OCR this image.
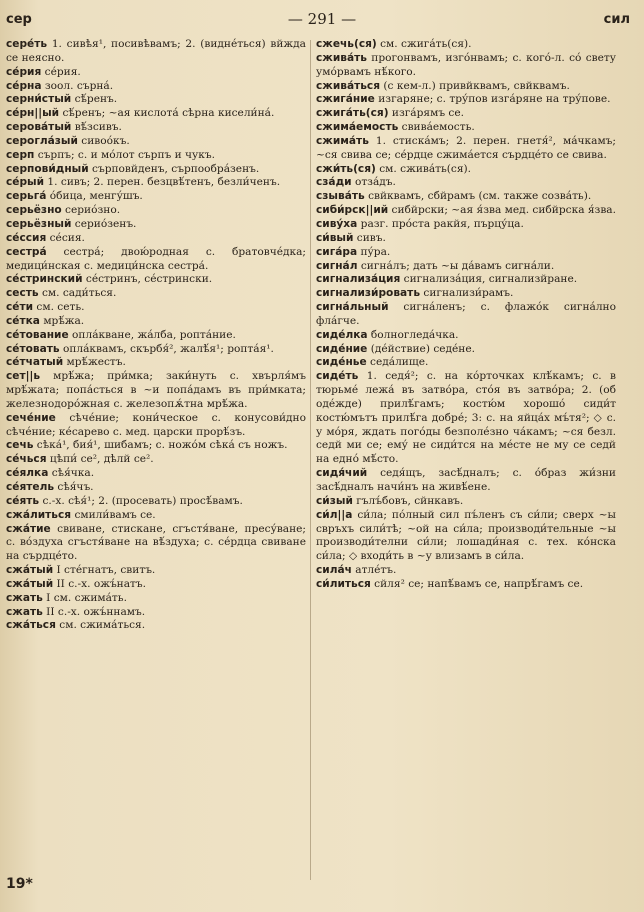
сер	— 291 —	сил

сере́ть 1. сивѣя¹, посивѣвамъ; 2. (видне́ться) вйжда се неясно.

се́рия се́рия.

се́рна зоол. сърна́.

серни́стый сѣ́ренъ.

се́рн||ый сѣ́ренъ; ~ая кислота́ сѣрна кисели́на́.

серова́тый вѣ́зсивъ.

серогла́зый сивоо́къ.

серп сърпъ; с. и мо́лот сърпъ и чукъ.

серпови́дный сърповйденъ, сърпообра́зенъ.

се́рый 1. сивъ; 2. перен. безцвѣ́тенъ, безли́ченъ.

серьга́ о́бица, менгу́шъ.

серьёзно серио́зно.

серьёзный серио́зенъ.

се́ссия се́сия.

сестра́ сестра́; двою́родная с. братовче́дка; медици́нская с. медици́нска сестра́.

се́стринский се́стринъ, се́стрински.

сесть см. сади́ться.

се́ти см. сеть.

се́тка мрѣ́жа.

се́тование опла́кване, жа́лба, ропта́ние.

се́товать опла́квамъ, скърбя́², жалѣ́я¹; ропта́я¹.

се́тчатый мрѣ́жестъ.

сет||ь мрѣ́жа; при́мка; заки́нуть с. хвърля́мъ мрѣ́жата; попа́сться в ~и попа́дамъ въ при́мката; железнодоро́жная с. железопѫ́тна мрѣ́жа.

сече́ние сѣче́ние; кони́ческое с. конусови́дно сѣче́ние; ке́сарево с. мед. царски прорѣ́зъ.

сечь сѣка́¹, бия́¹, шибамъ; с. ножо́м сѣка́ съ ножъ.

се́чься цѣпи́ се², дѣлй се².

се́ялка сѣя́чка.

се́ятель сѣя́чъ.

се́ять с.-х. сѣя́¹; 2. (просевать) просѣ́вамъ.

сжа́литься смили́вамъ се.

сжа́тие свиване, стискане, сгъстя́ване, пресу́ване; с. во́здуха сгъстя́ване на вѣ́здуха; с. се́рдца свиване на сърдце́то.

сжа́тый I сте́гнатъ, свитъ.

сжа́тый II с.-х. ожъ́натъ.

сжать I см. сжима́ть.

сжать II с.-х. ожъ́ннамъ.

сжа́ться см. сжима́ться.

сжечь(ся) см. сжига́ть(ся).

сжива́ть прогонвамъ, изго́нвамъ; с. кого́-л. со́ свету умо́рвамъ нѣ́кого.

сжива́ться (с кем-л.) привйквамъ, свйквамъ.

сжига́ние изгаряне; с. тру́пов изга́ряне на тру́пове.

сжига́ть(ся) изга́рямъ се.

сжима́емость свива́емость.

сжима́ть 1. стиска́мъ; 2. перен. гнетя́², ма́чкамъ; ~ся свива се; се́рдце сжима́ется сърдце́то се свива.

сжи́ть(ся) см. сжива́ть(ся).

сза́ди отза́дъ.

сзыва́ть свйквамъ, сбйрамъ (см. также созва́ть).

сиби́рск||ий сибйрски; ~ая я́зва мед. сибйрска я́зва.

сиву́ха разг. про́ста ракйя, пърцу́ца.

си́вый сивъ.

сига́ра пу́ра.

сигна́л сигна́лъ; дать ~ы да́вамъ сигна́ли.

сигнализа́ция сигнализа́ция, сигнализйране.

сигнализи́ровать сигнализи́рамъ.

сигна́льный сигна́ленъ; с. флажо́к сигна́лно фла́гче.

сиде́лка болногледа́чка.

сиде́ние (де́йствие) седе́не.

сиде́нье седа́лище.

сиде́ть 1. седя́²; с. на ко́рточках клѣ́камъ; с. в тюрьме́ лежа́ въ затво́ра, сто́я въ затво́ра; 2. (об оде́жде) прилѣ́гамъ; костю́м хорошо́ сиди́т костю́мътъ прилѣ́га добре́; 3: с. на яйца́х мъ́тя²; ◇ с. у мо́ря, ждать пого́ды безполе́зно ча́камъ; ~ся безл. седй ми се; ему́ не сиди́тся на ме́сте не му се седй на едно́ мѣ́сто.

сидя́чий седя́щъ, засѣ́дналъ; с. о́браз жи́зни засѣ́дналъ начи́нъ на живѣ́ене.

си́зый гълъ́бовъ, сйнкавъ.

си́л||а си́ла; по́лный сил пъ́ленъ съ си́ли; сверх ~ы свръхъ сили́тѣ; ~ой на си́ла; производи́тельные ~ы производи́телни си́ли; лошади́ная с. тех. ко́нска си́ла; ◇ входи́ть в ~у влизамъ в си́ла.

сила́ч атле́тъ.

си́литься сйля² се; напѣ́вамъ се, напрѣ́гамъ се.

19*
